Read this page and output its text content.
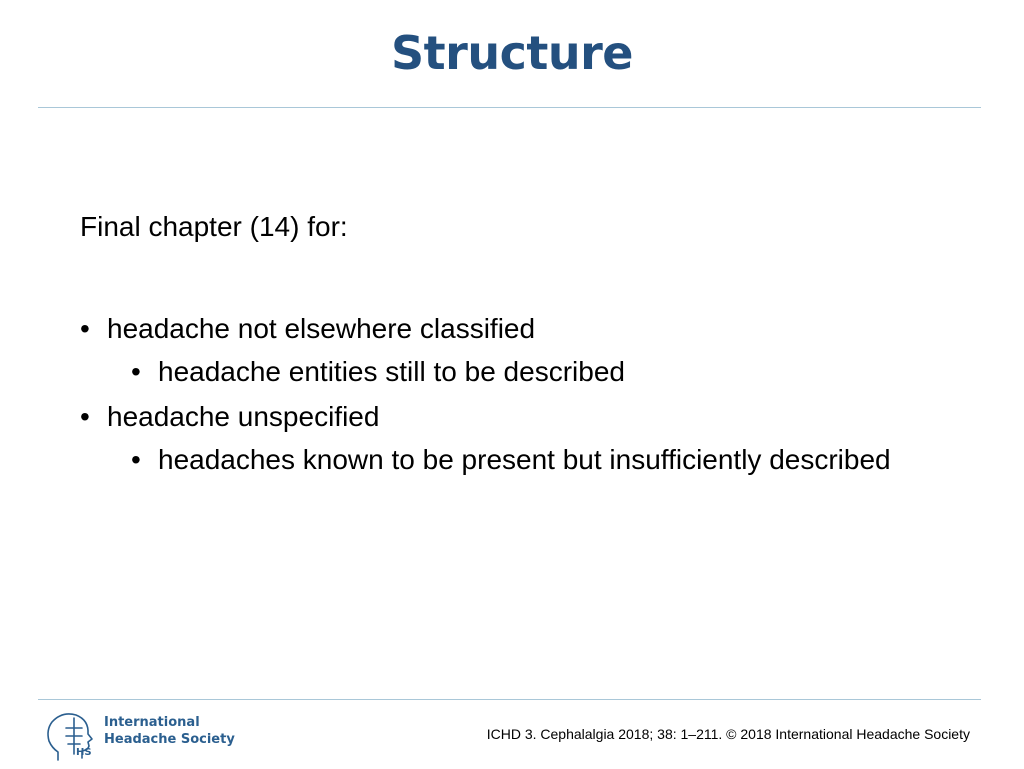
Structure
Final chapter (14) for:
• headache not elsewhere classified
• headache entities still to be described
• headache unspecified
• headaches known to be present but insufficiently described
HS
International
Headache Society	ICHD 3. Cephalalgia 2018; 38: 1–211. © 2018 International Headache Society
